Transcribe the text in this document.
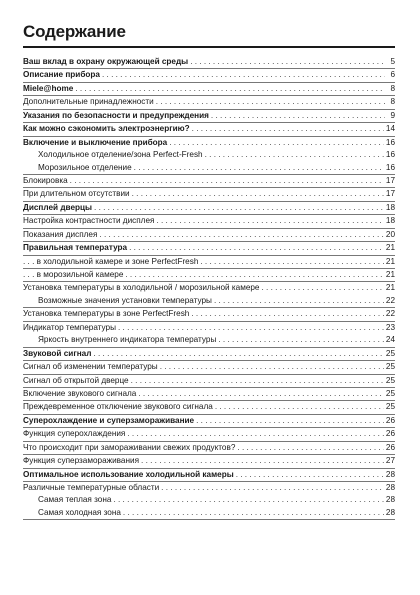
Содержание
Ваш вклад в охрану окружающей среды . . .	5
Описание прибора . . .	6
Miele@home . . .	8
Дополнительные принадлежности . . .	8
Указания по безопасности и предупреждения . . .	9
Как можно сэкономить электроэнергию? . . .	14
Включение и выключение прибора . . .	16
Холодильное отделение/зона Perfect-Fresh . . .	16
Морозильное отделение . . .	16
Блокировка . . .	17
При длительном отсутствии . . .	17
Дисплей дверцы . . .	18
Настройка контрастности дисплея . . .	18
Показания дисплея . . .	20
Правильная температура . . .	21
. . . в холодильной камере и зоне PerfectFresh . . .	21
. . . в морозильной камере . . .	21
Установка температуры в холодильной / морозильной камере . . .	21
Возможные значения установки температуры . . .	22
Установка температуры в зоне PerfectFresh . . .	22
Индикатор температуры . . .	23
Яркость внутреннего индикатора температуры . . .	24
Звуковой сигнал . . .	25
Сигнал об изменении температуры . . .	25
Сигнал об открытой дверце . . .	25
Включение звукового сигнала . . .	25
Преждевременное отключение звукового сигнала . . .	25
Суперохлаждение и суперзамораживание . . .	26
Функция суперохлаждения . . .	26
Что происходит при замораживании свежих продуктов? . . .	26
Функция суперзамораживания . . .	27
Оптимальное использование холодильной камеры . . .	28
Различные температурные области . . .	28
Самая теплая зона . . .	28
Самая холодная зона . . .	28
